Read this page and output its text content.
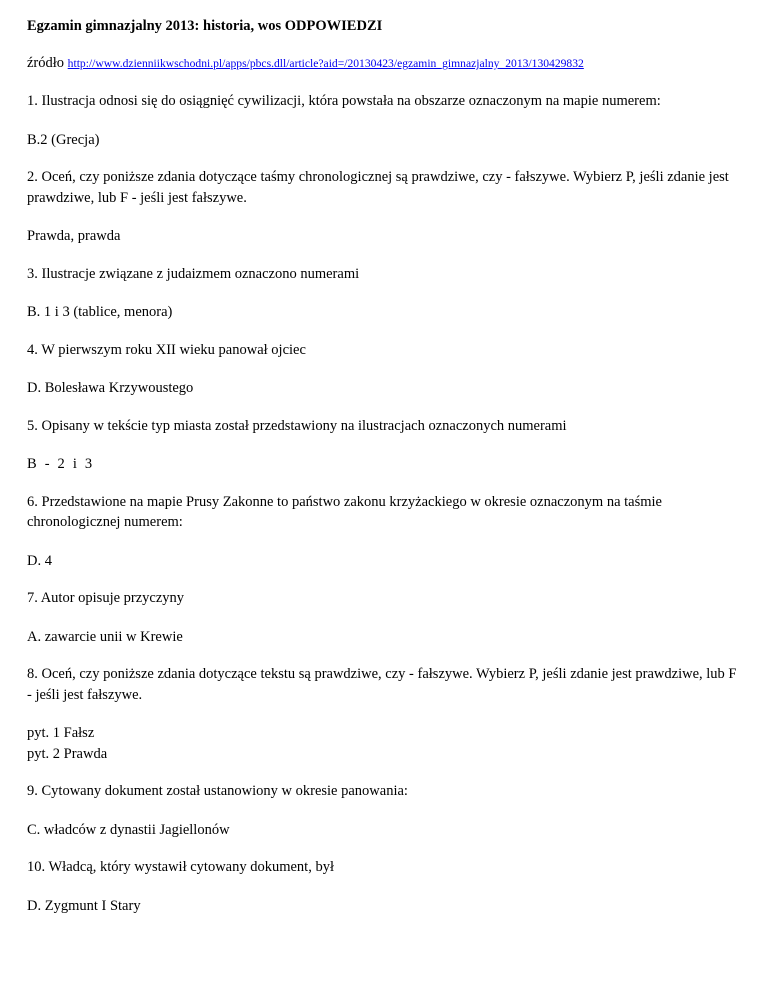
Egzamin gimnazjalny 2013: historia, wos ODPOWIEDZI

źródło http://www.dzienniikwschodni.pl/apps/pbcs.dll/article?aid=/20130423/egzamin_gimnazjalny_2013/130429832

1. Ilustracja odnosi się do osiągnięć cywilizacji, która powstała na obszarze oznaczonym na mapie numerem:

B.2 (Grecja)

2. Oceń, czy poniższe zdania dotyczące taśmy chronologicznej są prawdziwe, czy - fałszywe. Wybierz P, jeśli zdanie jest prawdziwe, lub F - jeśli jest fałszywe.

Prawda, prawda

3. Ilustracje związane z judaizmem oznaczono numerami

B. 1 i 3 (tablice, menora)

4. W pierwszym roku XII wieku panował ojciec

D. Bolesława Krzywoustego

5. Opisany w tekście typ miasta został przedstawiony na ilustracjach oznaczonych numerami

B - 2 i 3

6. Przedstawione na mapie Prusy Zakonne to państwo zakonu krzyżackiego w okresie oznaczonym na taśmie chronologicznej numerem:

D. 4

7. Autor opisuje przyczyny

A. zawarcie unii w Krewie

8. Oceń, czy poniższe zdania dotyczące tekstu są prawdziwe, czy - fałszywe. Wybierz P, jeśli zdanie jest prawdziwe, lub F - jeśli jest fałszywe.

pyt. 1 Fałsz
pyt. 2 Prawda

9. Cytowany dokument został ustanowiony w okresie panowania:

C. władców z dynastii Jagiellonów

10. Władcą, który wystawił cytowany dokument, był

D. Zygmunt I Stary
